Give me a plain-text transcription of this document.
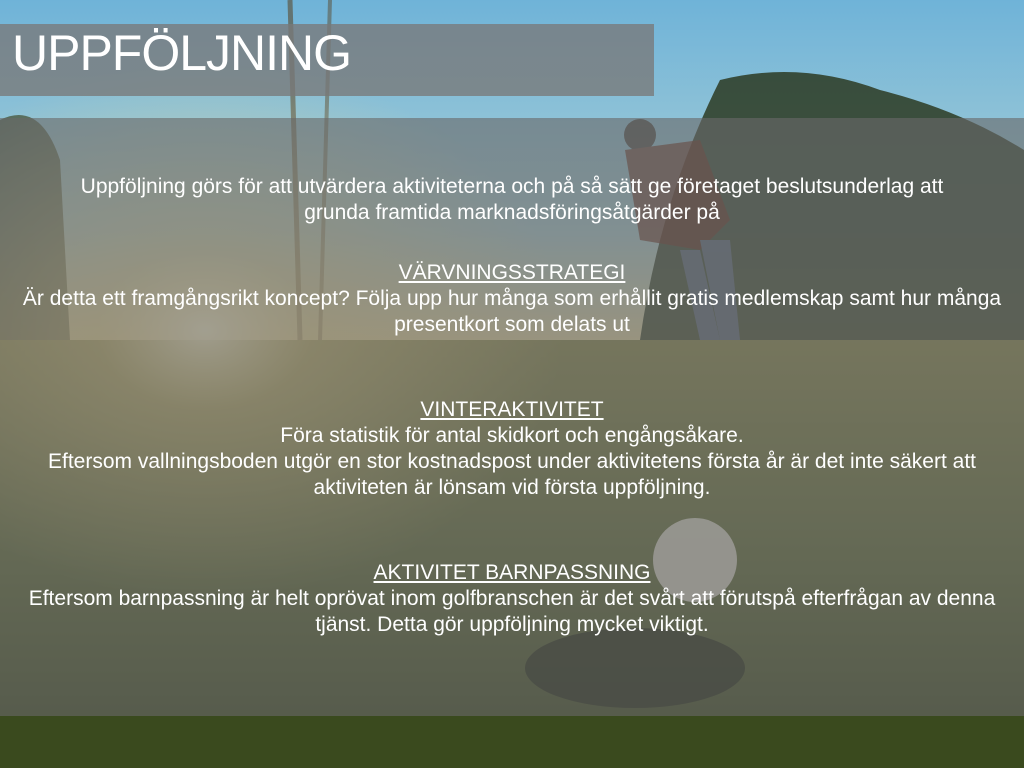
UPPFÖLJNING
Uppföljning görs för att utvärdera aktiviteterna och på så sätt ge företaget beslutsunderlag att grunda framtida marknadsföringsåtgärder på
VÄRVNINGSSTRATEGI
Är detta ett framgångsrikt koncept? Följa upp hur många som erhållit gratis medlemskap samt hur många presentkort som delats ut
VINTERAKTIVITET
Föra statistik för antal skidkort och engångsåkare.
Eftersom vallningsboden utgör en stor kostnadspost under aktivitetens första år är det inte säkert att aktiviteten är lönsam vid första uppföljning.
AKTIVITET BARNPASSNING
Eftersom barnpassning är helt oprövat inom golfbranschen är det svårt att förutspå efterfrågan av denna tjänst. Detta gör uppföljning mycket viktigt.
